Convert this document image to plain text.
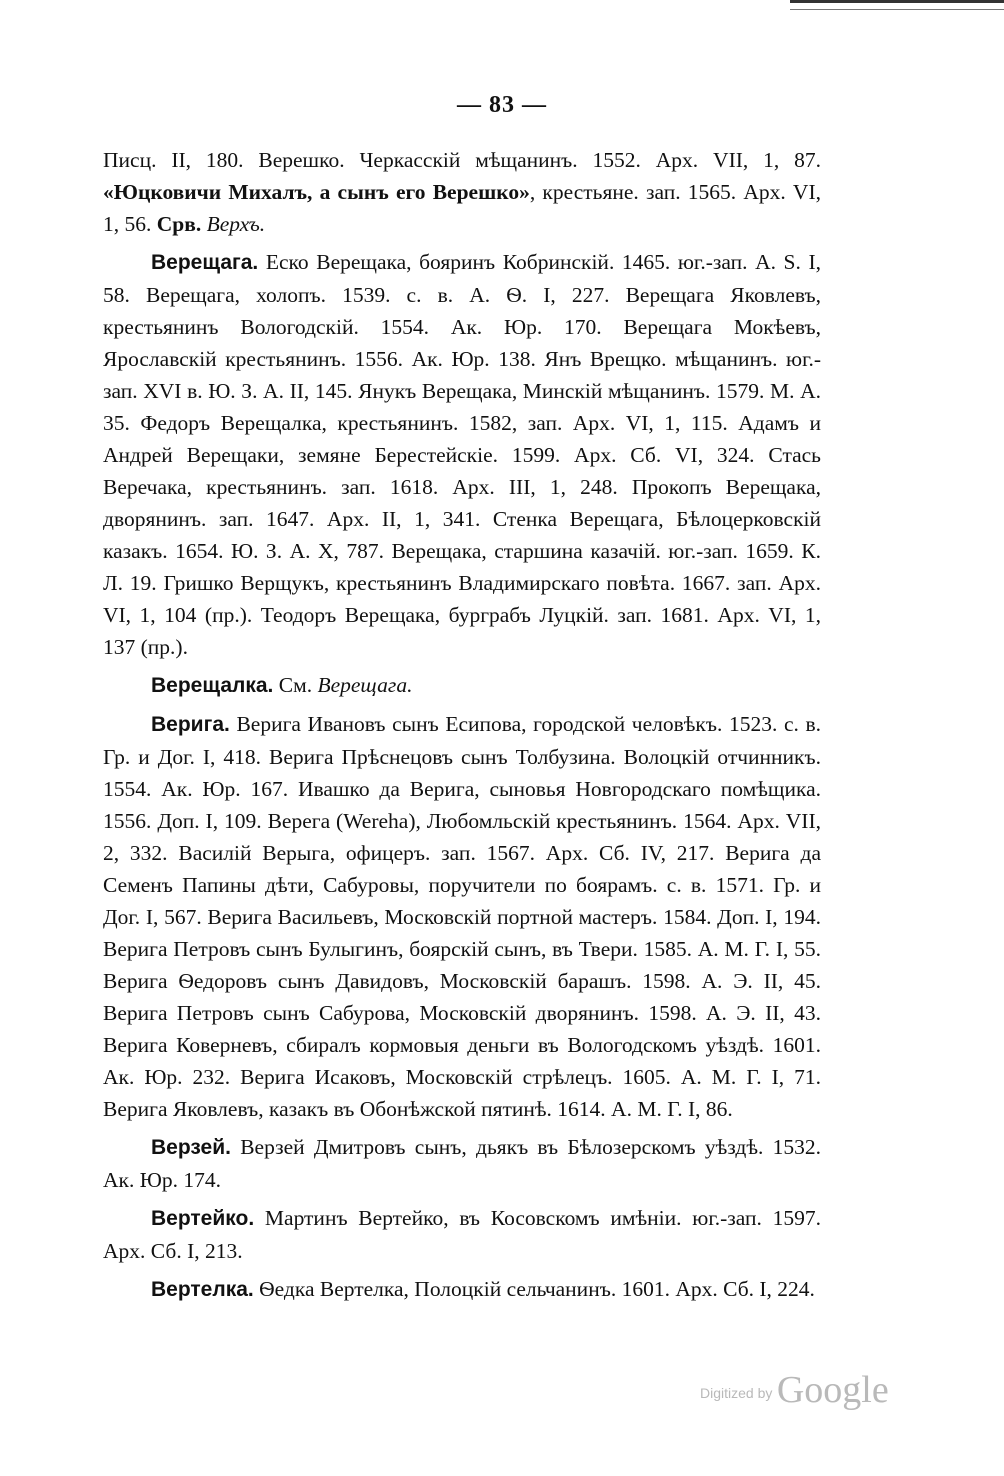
— 83 —

Писц. II, 180. Верешко. Черкасскій мѣщанинъ. 1552. Арх. VII, 1, 87. «Юцковичи Михалъ, а сынъ его Верешко», крестьяне. зап. 1565. Арх. VI, 1, 56. Срв. Верхъ.

Верещага. Еско Верещака, бояринъ Кобринскій. 1465. юг.-зап. А. S. I, 58. Верещага, холопъ. 1539. с. в. А. Ѳ. I, 227. Верещага Яковлевъ, крестьянинъ Вологодскій. 1554. Ак. Юр. 170. Верещага Мокѣевъ, Ярославскій крестьянинъ. 1556. Ак. Юр. 138. Янъ Врещко. мѣщанинъ. юг.-зап. XVI в. Ю. З. А. II, 145. Янукъ Верещака, Минскій мѣщанинъ. 1579. М. А. 35. Федоръ Верещалка, крестьянинъ. 1582, зап. Арх. VI, 1, 115. Адамъ и Андрей Верещаки, земяне Берестейскіе. 1599. Арх. Сб. VI, 324. Стась Веречака, крестьянинъ. зап. 1618. Арх. III, 1, 248. Прокопъ Верещака, дворянинъ. зап. 1647. Арх. II, 1, 341. Стенка Верещага, Бѣлоцерковскій казакъ. 1654. Ю. З. А. X, 787. Верещака, старшина казачій. юг.-зап. 1659. К. Л. 19. Гришко Верщукъ, крестьянинъ Владимирскаго повѣта. 1667. зап. Арх. VI, 1, 104 (пр.). Теодоръ Верещака, бурграбъ Луцкій. зап. 1681. Арх. VI, 1, 137 (пр.).

Верещалка. См. Верещага.

Верига. Верига Ивановъ сынъ Есипова, городской человѣкъ. 1523. с. в. Гр. и Дог. I, 418. Верига Прѣснецовъ сынъ Толбузина. Волоцкій отчинникъ. 1554. Ак. Юр. 167. Ивашко да Верига, сыновья Новгородскаго помѣщика. 1556. Доп. I, 109. Верега (Wereha), Любомльскій крестьянинъ. 1564. Арх. VII, 2, 332. Василій Верыга, офицеръ. зап. 1567. Арх. Сб. IV, 217. Верига да Семенъ Папины дѣти, Сабуровы, поручители по боярамъ. с. в. 1571. Гр. и Дог. I, 567. Верига Васильевъ, Московскій портной мастеръ. 1584. Доп. I, 194. Верига Петровъ сынъ Булыгинъ, боярскій сынъ, въ Твери. 1585. А. М. Г. I, 55. Верига Ѳедоровъ сынъ Давидовъ, Московскій барашъ. 1598. А. Э. II, 45. Верига Петровъ сынъ Сабурова, Московскій дворянинъ. 1598. А. Э. II, 43. Верига Коверневъ, сбиралъ кормовыя деньги въ Вологодскомъ уѣздѣ. 1601. Ак. Юр. 232. Верига Исаковъ, Московскій стрѣлецъ. 1605. А. М. Г. I, 71. Верига Яковлевъ, казакъ въ Обонѣжской пятинѣ. 1614. А. М. Г. I, 86.

Верзей. Верзей Дмитровъ сынъ, дьякъ въ Бѣлозерскомъ уѣздѣ. 1532. Ак. Юр. 174.

Вертейко. Мартинъ Вертейко, въ Косовскомъ имѣніи. юг.-зап. 1597. Арх. Сб. I, 213.

Вертелка. Ѳедка Вертелка, Полоцкій сельчанинъ. 1601. Арх. Сб. I, 224.

Digitized by Google
